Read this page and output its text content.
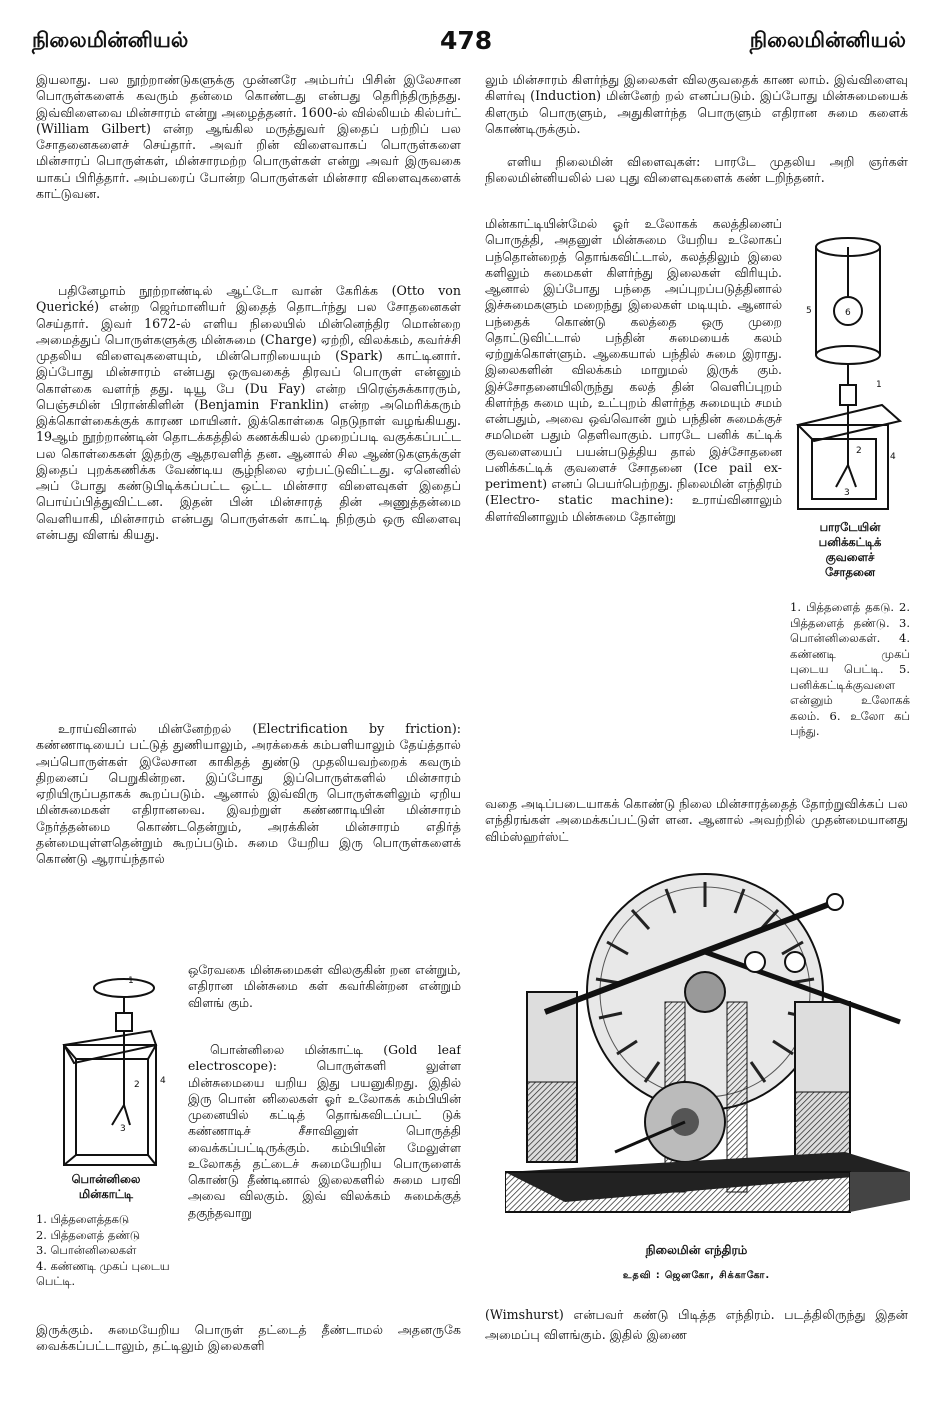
நிலைமின்னியல்	478	நிலைமின்னியல்

இயலாது. பல நூற்றாண்டுகளுக்கு முன்னரே அம்பர்ப் பிசின் இலேசான பொருள்களைக் கவரும் தன்மை கொண்டது என்பது தெரிந்திருந்தது. இவ்விளைவை மின்சாரம் என்று அழைத்தனர். 1600-ல் வில்லியம் கில்பர்ட் (William Gilbert) என்ற ஆங்கில மருத்துவர் இதைப் பற்றிப் பல சோதனைகளைச் செய்தார். அவர் றின் விளைவாகப் பொருள்களை மின்சாரப் பொருள்கள், மின்சாரமற்ற பொருள்கள் என்று அவர் இருவகை யாகப் பிரித்தார். அம்பரைப் போன்ற பொருள்கள் மின்சார விளைவுகளைக் காட்டுவன.

பதினேழாம் நூற்றாண்டில் ஆட்டோ வான் கேரிக்க (Otto von Querické) என்ற ஜெர்மானியர் இதைத் தொடர்ந்து பல சோதனைகள் செய்தார். இவர் 1672-ல் எளிய நிலையில் மின்னெந்திர மொன்றை அமைத்துப் பொருள்களுக்கு மின்சுமை (Charge) ஏற்றி, விலக்கம், கவர்ச்சி முதலிய விளைவுகளையும், மின்பொறியையும் (Spark) காட்டினார். இப்போது மின்சாரம் என்பது ஒருவகைத் திரவப் பொருள் என்னும் கொள்கை வளர்ந் தது. டியூ பே (Du Fay) என்ற பிரெஞ்சுக்காரரும், பெஞ்சமின் பிரான்கிளின் (Benjamin Franklin) என்ற அமெரிக்கரும் இக்கொள்கைக்குக் காரண மாயினர். இக்கொள்கை நெடுநாள் வழங்கியது. 19ஆம் நூற்றாண்டின் தொடக்கத்தில் கணக்கியல் முறைப்படி வகுக்கப்பட்ட பல கொள்கைகள் இதற்கு ஆதரவளித் தன. ஆனால் சில ஆண்டுகளுக்குள் இதைப் புறக்கணிக்க வேண்டிய சூழ்நிலை ஏற்பட்டுவிட்டது. ஏனெனில் அப் போது கண்டுபிடிக்கப்பட்ட ஒட்ட மின்சார விளைவுகள் இதைப் பொய்ப்பித்துவிட்டன. இதன் பின் மின்சாரத் தின் அணுத்தன்மை வெளியாகி, மின்சாரம் என்பது பொருள்கள் காட்டி நிற்கும் ஒரு விளைவு என்பது விளங் கியது.

உராய்வினால் மின்னேற்றல் (Electrification by friction): கண்ணாடியைப் பட்டுத் துணியாலும், அரக்கைக் கம்பளியாலும் தேய்த்தால் அப்பொருள்கள் இலேசான காகிதத் துண்டு முதலியவற்றைக் கவரும் திறனைப் பெறுகின்றன. இப்போது இப்பொருள்களில் மின்சாரம் ஏறியிருப்பதாகக் கூறப்படும். ஆனால் இவ்விரு பொருள்களிலும் ஏறிய மின்சுமைகள் எதிரானவை. இவற்றுள் கண்ணாடியின் மின்சாரம் நேர்த்தன்மை கொண்டதென்றும், அரக்கின் மின்சாரம் எதிர்த் தன்மையுள்ளதென்றும் கூறப்படும். சுமை யேறிய இரு பொருள்களைக் கொண்டு ஆராய்ந்தால்

1
2
3
4
பொன்னிலை
மின்காட்டி
1. பித்தளைத்தகடு
2. பித்தளைத் தண்டு
3. பொன்னிலைகள்
4. கண்ணடி முகப் புடைய பெட்டி.

ஒரேவகை மின்சுமைகள் விலகுகின் றன என்றும், எதிரான மின்சுமை கள் கவர்கின்றன என்றும் விளங் கும்.

பொன்னிலை மின்காட்டி (Gold leaf electroscope): பொருள்களி லுள்ள மின்சுமையை யறிய இது பயனுகிறது. இதில் இரு பொன் னிலைகள் ஓர் உலோகக் கம்பியின் முனையில் கட்டித் தொங்கவிடப்பட் டுக் கண்ணாடிச் சீசாவினுள் பொருத்தி வைக்கப்பட்டிருக்கும். கம்பியின் மேலுள்ள உலோகத் தட்டைச் சுமையேறிய பொருளைக் கொண்டு தீண்டினால் இலைகளில் சுமை பரவி அவை விலகும். இவ் விலக்கம் சுமைக்குத் தகுந்தவாறு

இருக்கும். சுமையேறிய பொருள் தட்டைத் தீண்டாமல் அதனருகே வைக்கப்பட்டாலும், தட்டிலும் இலைகளி

லும் மின்சாரம் கிளர்ந்து இலைகள் விலகுவதைக் காண லாம். இவ்விளைவு கிளர்வு (Induction) மின்னேற் றல் எனப்படும். இப்போது மின்சுமையைக் கிளரும் பொருளும், அதுகிளர்ந்த பொருளும் எதிரான சுமை களைக் கொண்டிருக்கும்.

எளிய நிலைமின் விளைவுகள்: பாரடே முதலிய அறி ஞர்கள் நிலைமின்னியலில் பல புது விளைவுகளைக் கண் டறிந்தனர்.

மின்காட்டியின்மேல் ஓர் உலோகக் கலத்தினைப் பொருத்தி, அதனுள் மின்சுமை யேறிய உலோகப் பந்தொன்றைத் தொங்கவிட்டால், கலத்திலும் இலை களிலும் சுமைகள் கிளர்ந்து இலைகள் விரியும். ஆனால் இப்போது பந்தை அப்புறப்படுத்தினால் இச்சுமைகளும் மறைந்து இலைகள் மடியும். ஆனால் பந்தைக் கொண்டு கலத்தை ஒரு முறை தொட்டுவிட்டால் பந்தின் சுமையைக் கலம் ஏற்றுக்கொள்ளும். ஆகையால் பந்தில் சுமை இராது. இலைகளின் விலக்கம் மாறுமல் இருக் கும். இச்சோதனையிலிருந்து கலத் தின் வெளிப்புறம் கிளர்ந்த சுமை யும், உட்புறம் கிளர்ந்த சுமையும் சமம் என்பதும், அவை ஒவ்வொன் றும் பந்தின் சுமைக்குச் சமமென் பதும் தெளிவாகும். பாரடே பனிக் கட்டிக் குவளையைப் பயன்படுத்திய தால் இச்சோதனை பனிக்கட்டிக் குவளைச் சோதனை (Ice pail ex- periment) எனப் பெயர்பெற்றது. நிலைமின் எந்திரம் (Electro- static machine): உராய்வினாலும் கிளர்வினாலும் மின்சுமை தோன்று

1
2
3
4
5	6
பாரடேயின்
பனிக்கட்டிக்
குவளைச்
சோதனை
1. பித்தளைத் தகடு. 2. பித்தளைத் தண்டு. 3. பொன்னிலைகள். 4. கண்ணடி முகப் புடைய பெட்டி. 5. பனிக்கட்டிக்குவளை என்னும் உலோகக் கலம். 6. உலோ கப் பந்து.

வதை அடிப்படையாகக் கொண்டு நிலை மின்சாரத்தைத் தோற்றுவிக்கப் பல எந்திரங்கள் அமைக்கப்பட்டுள் ளன. ஆனால் அவற்றில் முதன்மையானது விம்ஸ்ஹர்ஸ்ட்

நிலைமின் எந்திரம்
உதவி : ஜெனகோ, சிக்காகோ.

(Wimshurst) என்பவர் கண்டு பிடித்த எந்திரம். படத்திலிருந்து இதன் அமைப்பு விளங்கும். இதில் இணை
